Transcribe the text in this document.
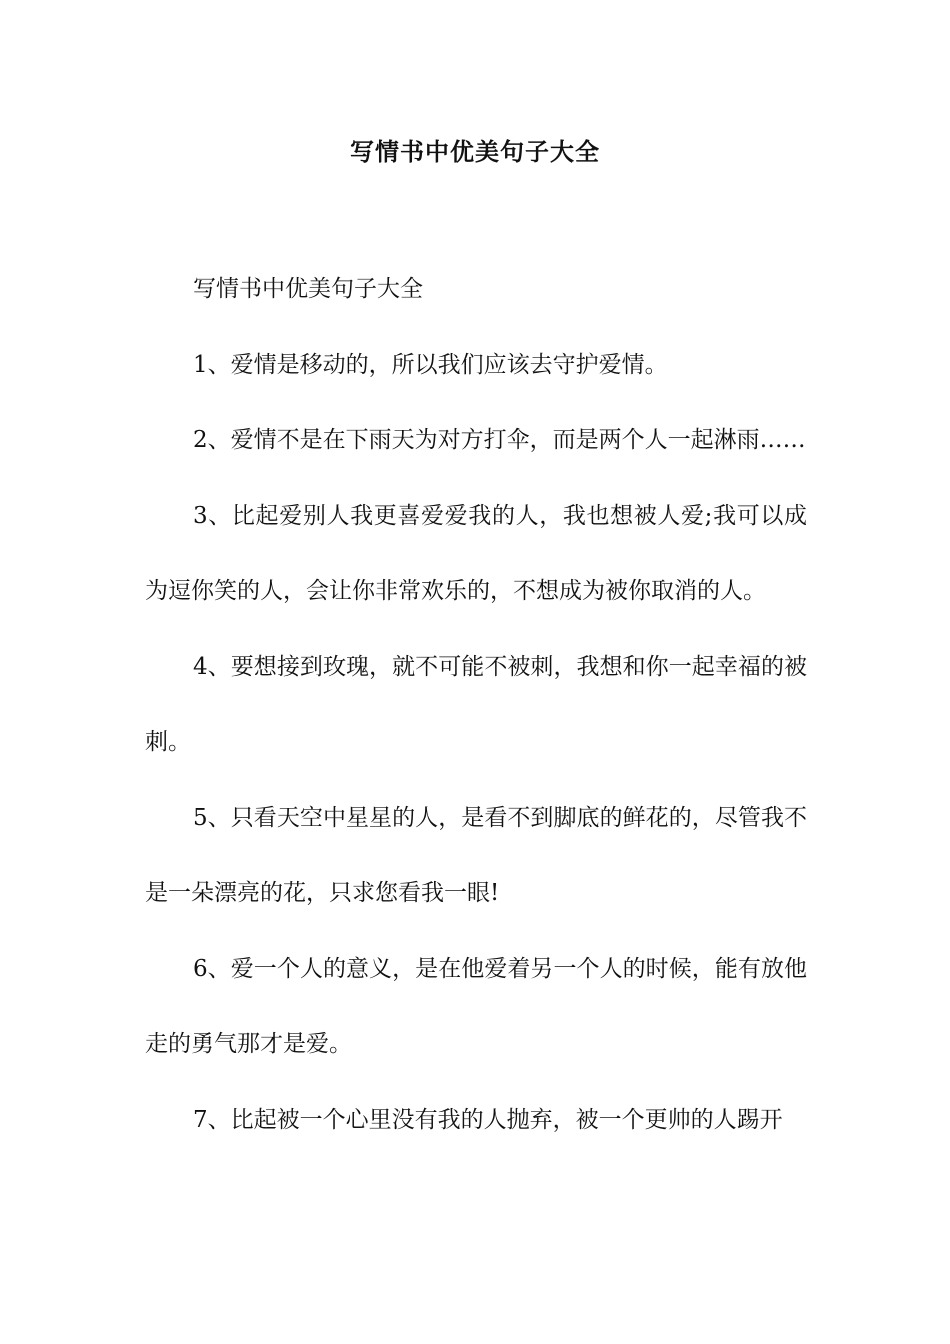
写情书中优美句子大全

写情书中优美句子大全

1、爱情是移动的，所以我们应该去守护爱情。

2、爱情不是在下雨天为对方打伞，而是两个人一起淋雨……

3、比起爱别人我更喜爱爱我的人，我也想被人爱;我可以成为逗你笑的人，会让你非常欢乐的，不想成为被你取消的人。

4、要想接到玫瑰，就不可能不被刺，我想和你一起幸福的被刺。

5、只看天空中星星的人，是看不到脚底的鲜花的，尽管我不是一朵漂亮的花，只求您看我一眼!

6、爱一个人的意义，是在他爱着另一个人的时候，能有放他走的勇气那才是爱。

7、比起被一个心里没有我的人抛弃，被一个更帅的人踢开
